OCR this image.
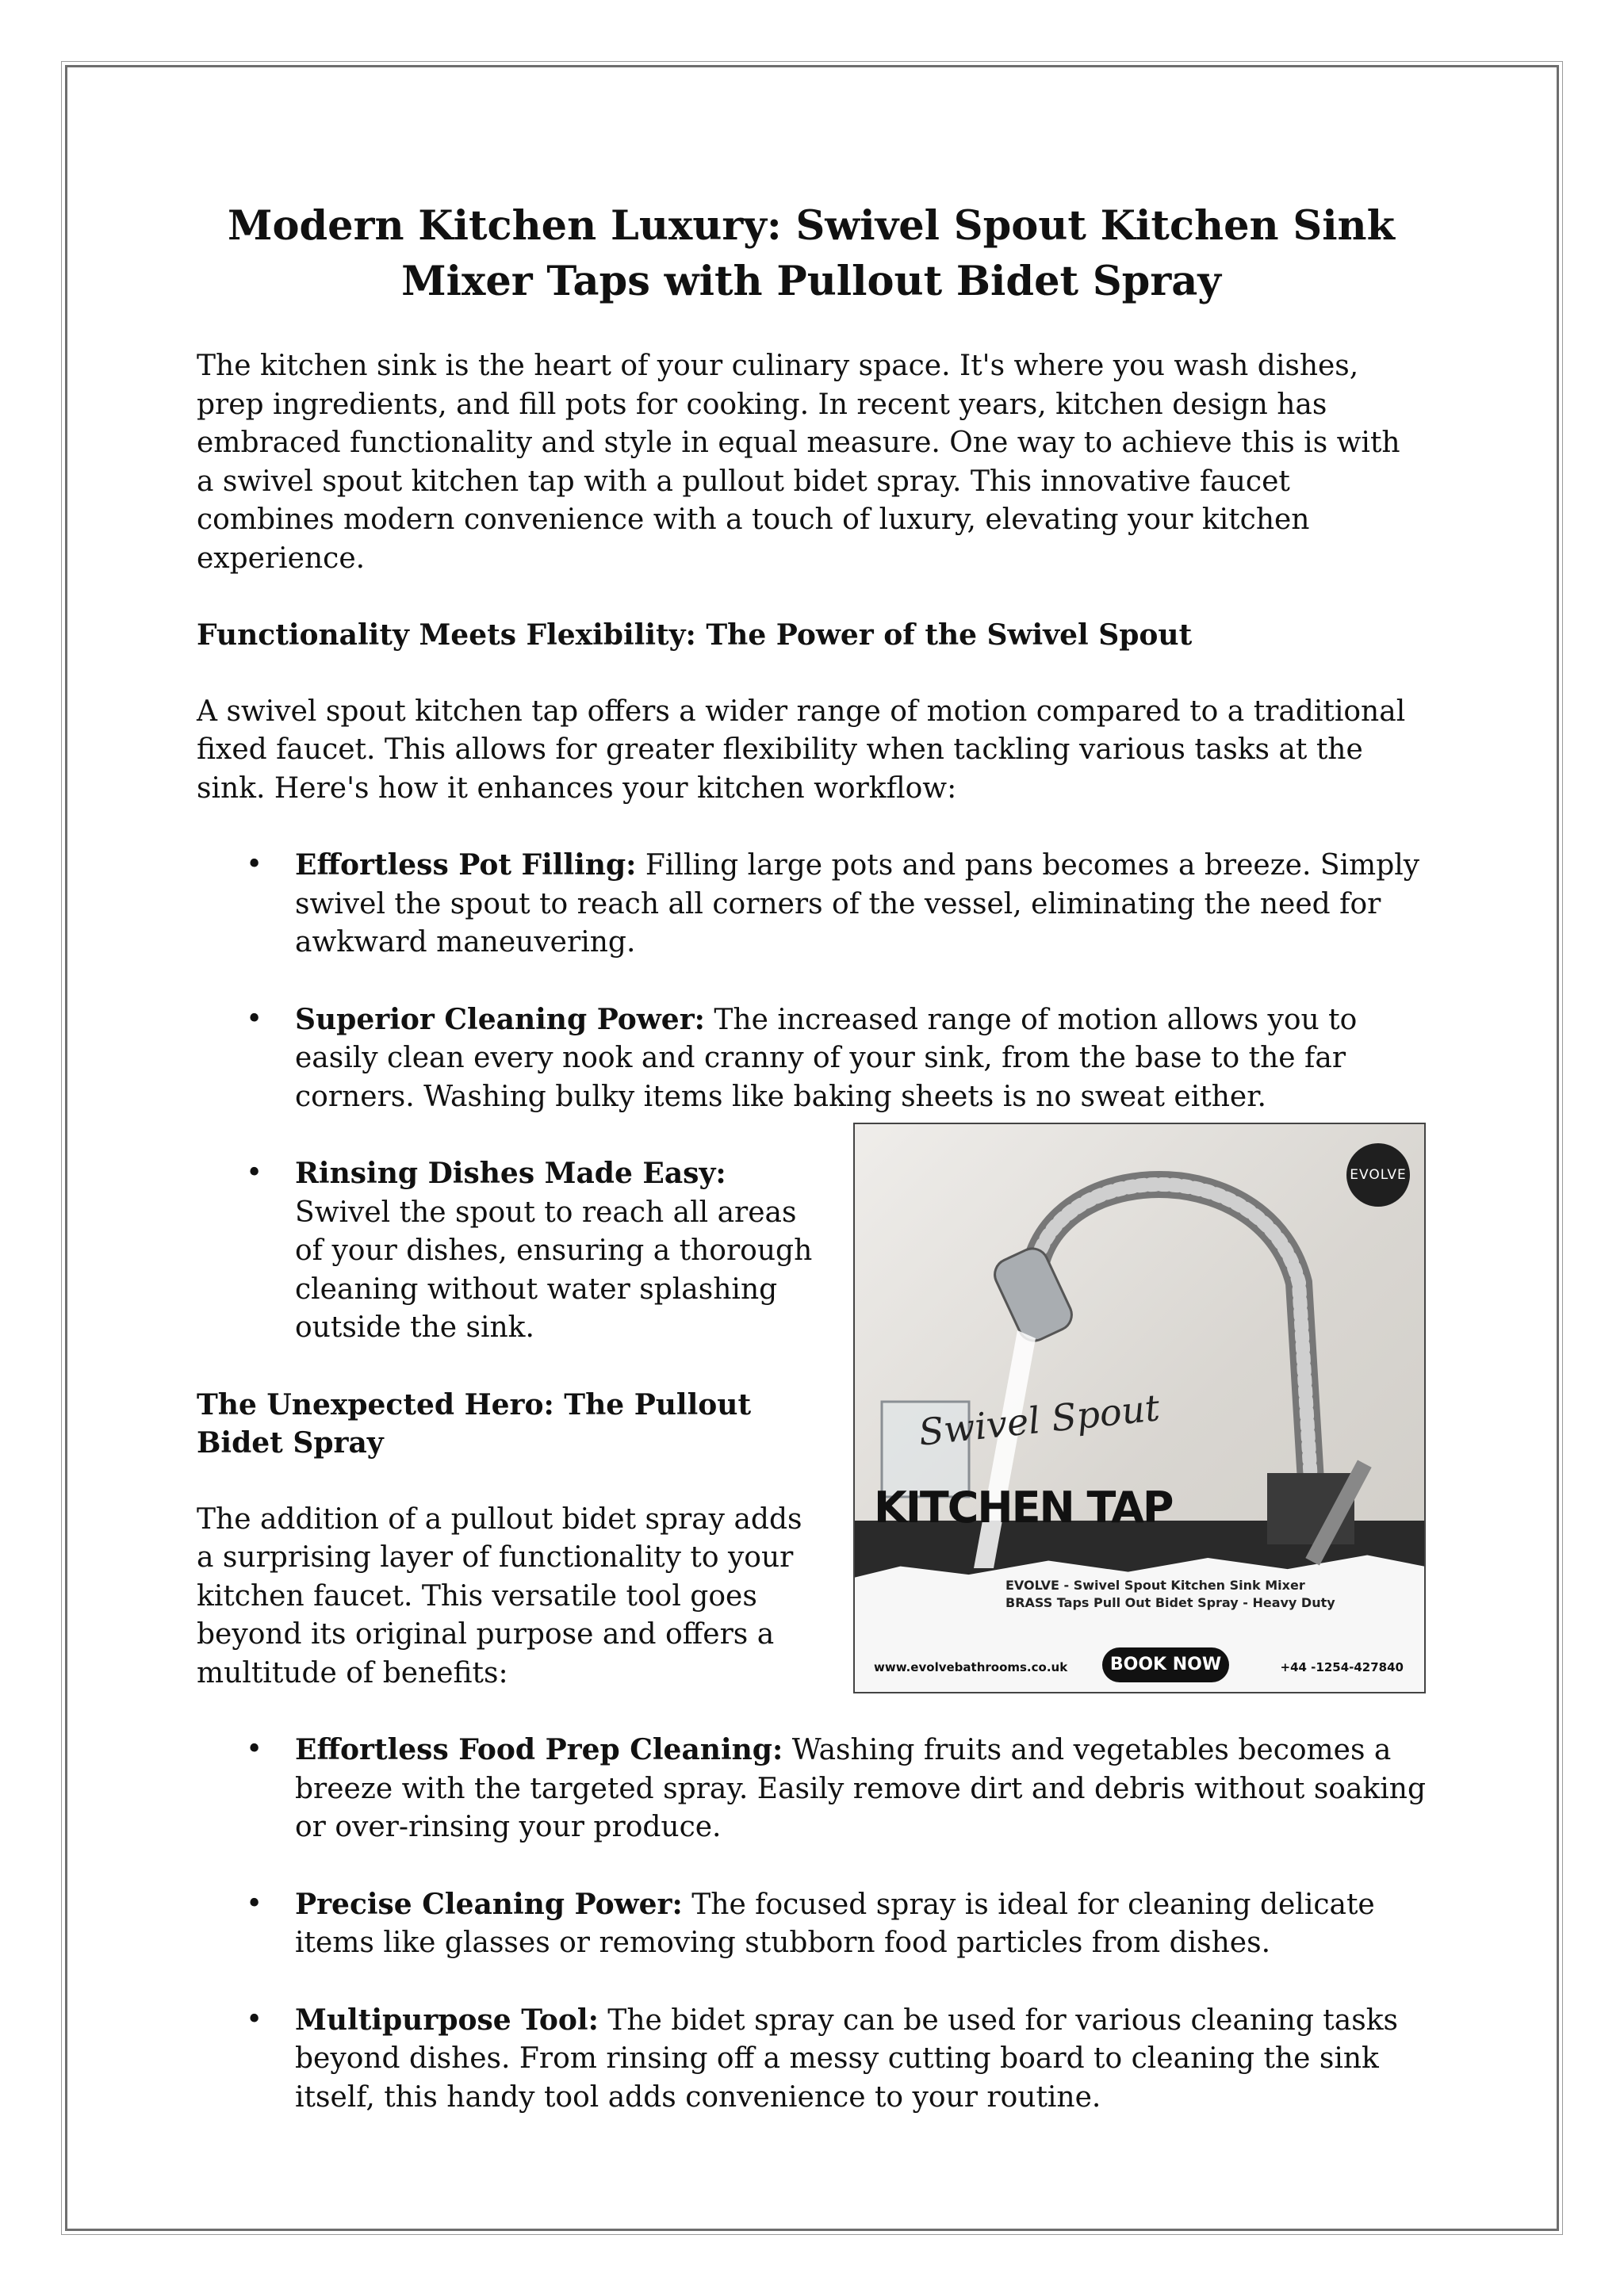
Modern Kitchen Luxury: Swivel Spout Kitchen Sink Mixer Taps with Pullout Bidet Spray

The kitchen sink is the heart of your culinary space. It's where you wash dishes, prep ingredients, and fill pots for cooking. In recent years, kitchen design has embraced functionality and style in equal measure. One way to achieve this is with a swivel spout kitchen tap with a pullout bidet spray. This innovative faucet combines modern convenience with a touch of luxury, elevating your kitchen experience.

Functionality Meets Flexibility: The Power of the Swivel Spout

A swivel spout kitchen tap offers a wider range of motion compared to a traditional fixed faucet. This allows for greater flexibility when tackling various tasks at the sink. Here's how it enhances your kitchen workflow:

• Effortless Pot Filling: Filling large pots and pans becomes a breeze. Simply swivel the spout to reach all corners of the vessel, eliminating the need for awkward maneuvering.
• Superior Cleaning Power: The increased range of motion allows you to easily clean every nook and cranny of your sink, from the base to the far corners. Washing bulky items like baking sheets is no sweat either.
EVOLVE
Swivel Spout
KITCHEN TAP
EVOLVE - Swivel Spout Kitchen Sink Mixer
BRASS Taps Pull Out Bidet Spray - Heavy Duty
www.evolvebathrooms.co.uk	BOOK NOW	+44 -1254-427840
• Rinsing Dishes Made Easy: Swivel the spout to reach all areas of your dishes, ensuring a thorough cleaning without water splashing outside the sink.
The Unexpected Hero: The Pullout Bidet Spray

The addition of a pullout bidet spray adds a surprising layer of functionality to your kitchen faucet. This versatile tool goes beyond its original purpose and offers a multitude of benefits:

• Effortless Food Prep Cleaning: Washing fruits and vegetables becomes a breeze with the targeted spray. Easily remove dirt and debris without soaking or over-rinsing your produce.
• Precise Cleaning Power: The focused spray is ideal for cleaning delicate items like glasses or removing stubborn food particles from dishes.
• Multipurpose Tool: The bidet spray can be used for various cleaning tasks beyond dishes. From rinsing off a messy cutting board to cleaning the sink itself, this handy tool adds convenience to your routine.
